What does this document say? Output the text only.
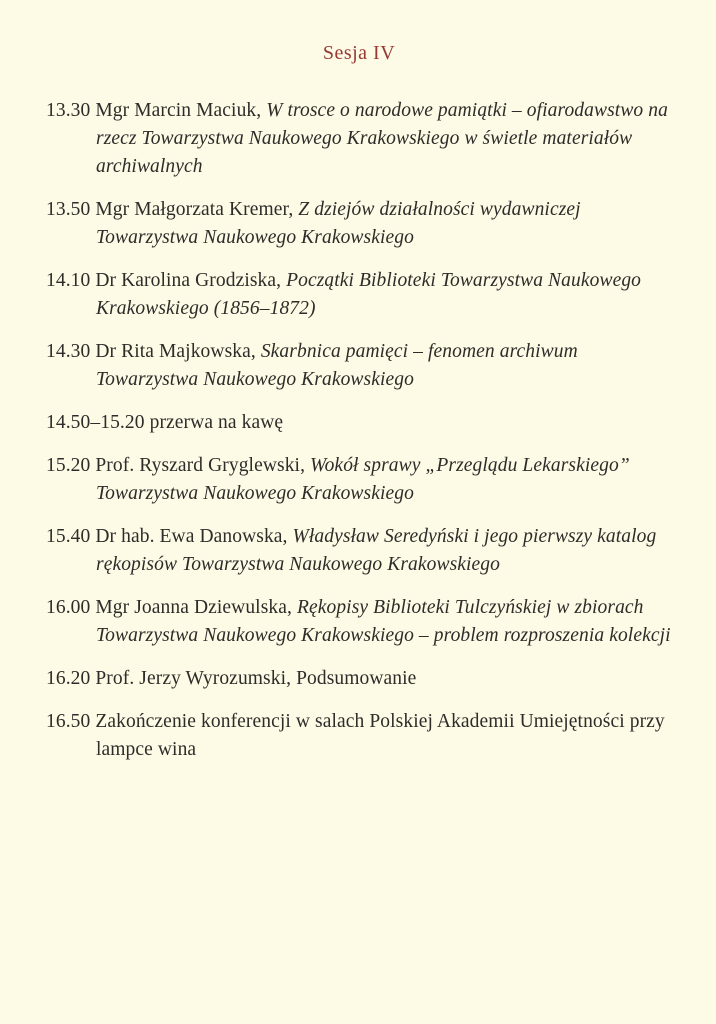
Sesja IV
13.30 Mgr Marcin Maciuk, W trosce o narodowe pamiątki – ofiarodawstwo na rzecz Towarzystwa Naukowego Krakowskiego w świetle materiałów archiwalnych
13.50 Mgr Małgorzata Kremer, Z dziejów działalności wydawniczej Towarzystwa Naukowego Krakowskiego
14.10 Dr Karolina Grodziska, Początki Biblioteki Towarzystwa Naukowego Krakowskiego (1856–1872)
14.30 Dr Rita Majkowska, Skarbnica pamięci – fenomen archiwum Towarzystwa Naukowego Krakowskiego
14.50–15.20 przerwa na kawę
15.20 Prof. Ryszard Gryglewski, Wokół sprawy „Przeglądu Lekarskiego” Towarzystwa Naukowego Krakowskiego
15.40 Dr hab. Ewa Danowska, Władysław Seredyński i jego pierwszy katalog rękopisów Towarzystwa Naukowego Krakowskiego
16.00 Mgr Joanna Dziewulska, Rękopisy Biblioteki Tulczyńskiej w zbiorach Towarzystwa Naukowego Krakowskiego – problem rozproszenia kolekcji
16.20 Prof. Jerzy Wyrozumski, Podsumowanie
16.50 Zakończenie konferencji w salach Polskiej Akademii Umiejętności przy lampce wina
